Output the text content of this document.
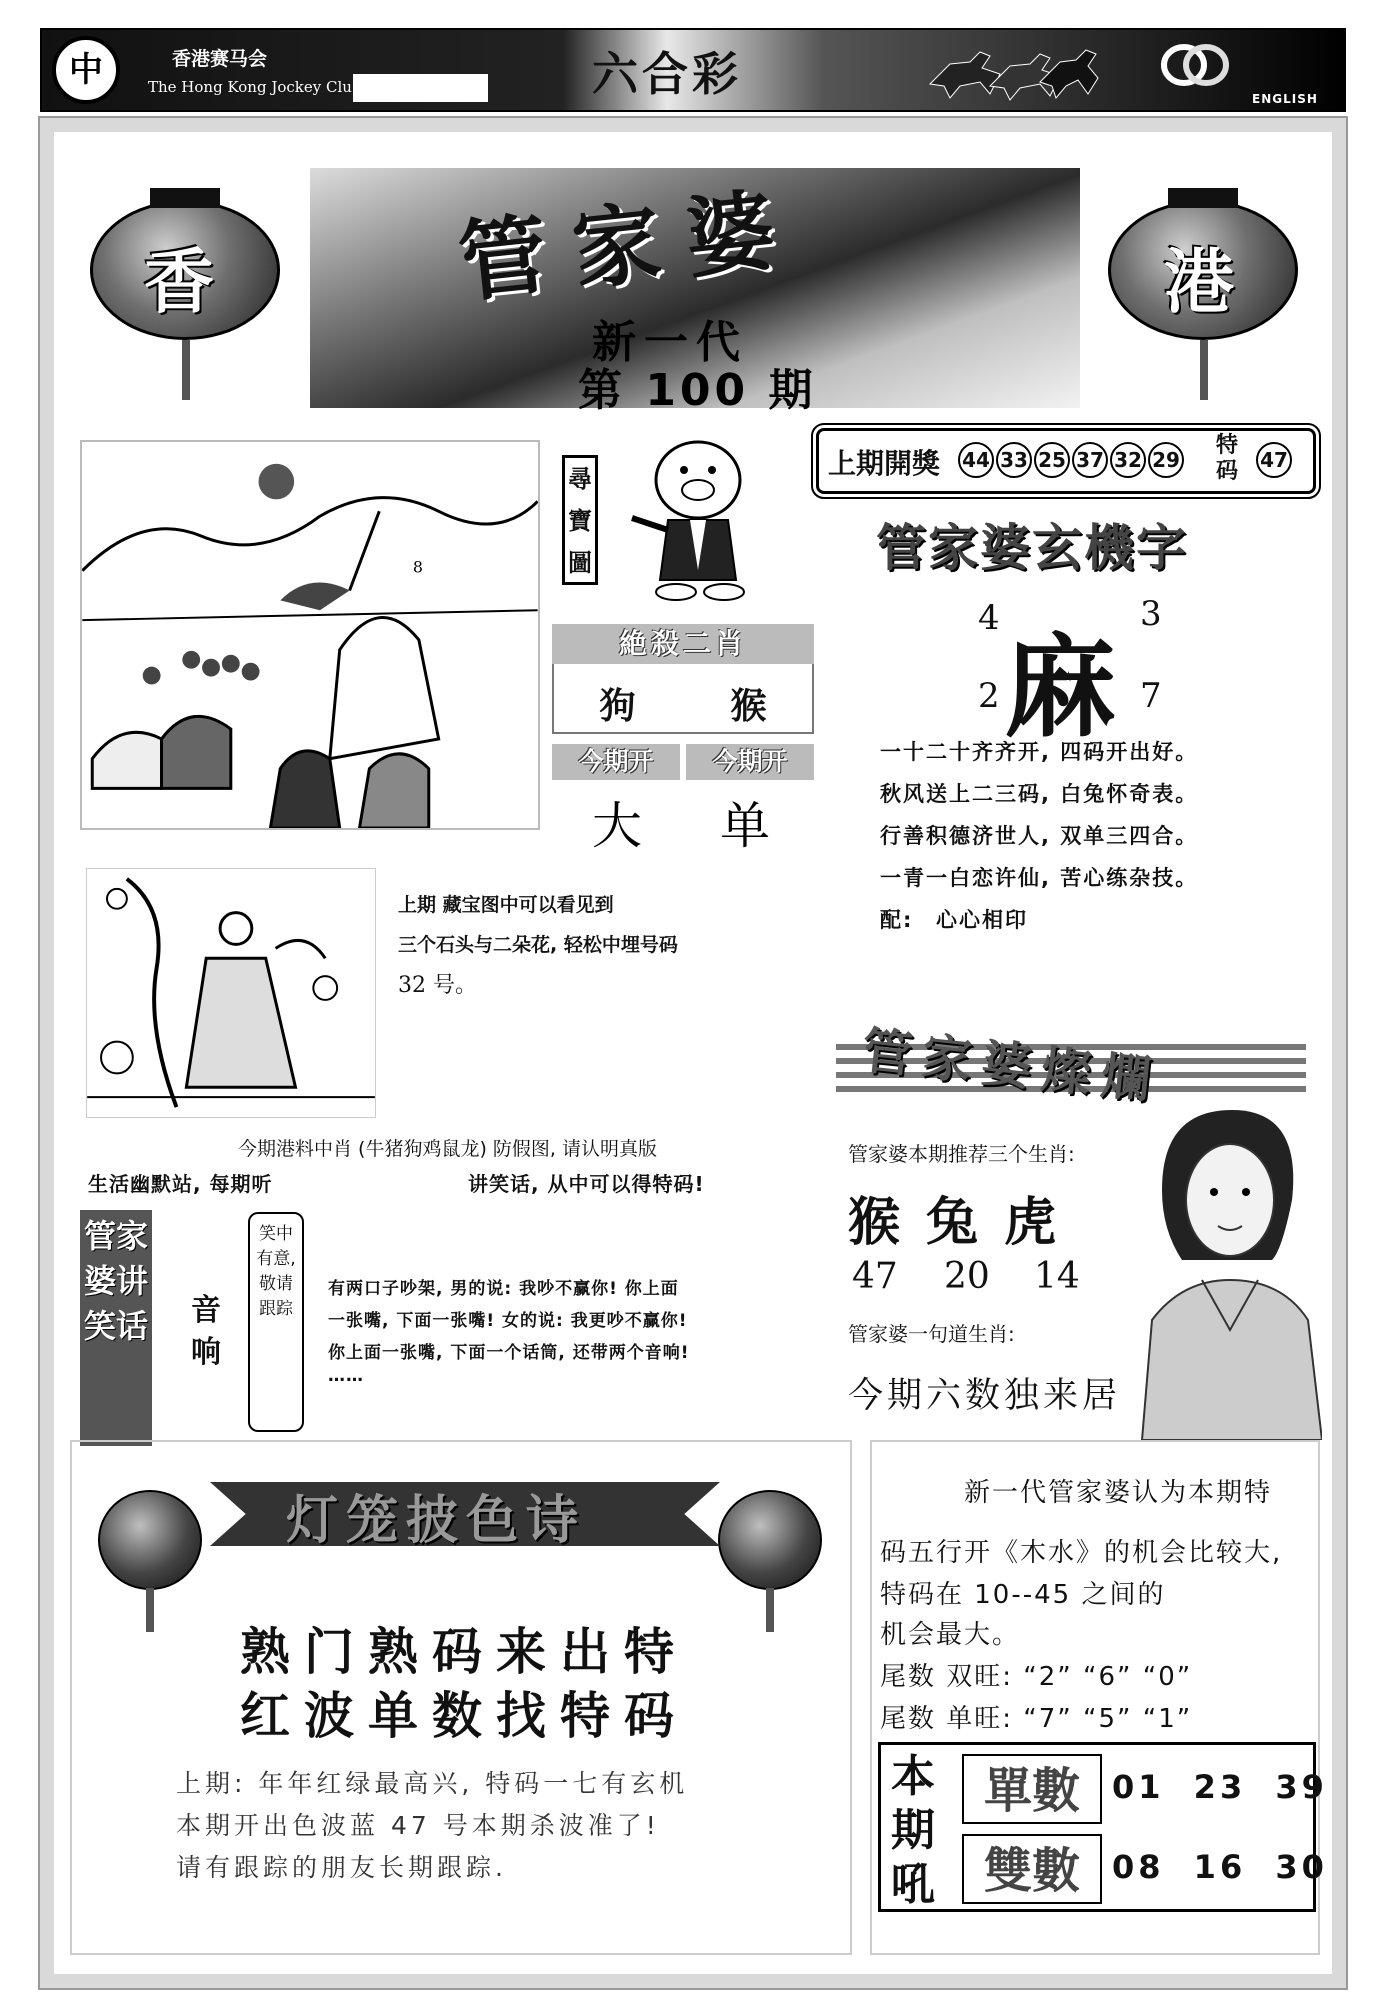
中	香港赛马会
The Hong Kong Jockey Clu	六合彩	ENGLISH
香	管家婆
新一代
第 100 期
港
8
尋寶圖
絶殺二肖
狗	猴
今期开	今期开
大 单
上期開獎 44 33 25 37 32 29
特码 47
管家婆玄機字
麻
4	3
2	7
一十二十齐齐开, 四码开出好。
秋风送上二三码, 白兔怀奇表。
行善积德济世人, 双单三四合。
一青一白恋许仙, 苦心练杂技。
配: 心心相印
上期 藏宝图中可以看见到
三个石头与二朵花, 轻松中埋号码
32 号。
今期港料中肖 (牛猪狗鸡鼠龙) 防假图, 请认明真版
生活幽默站, 每期听	讲笑话, 从中可以得特码!
管家婆讲笑话 音响
笑中有意,敬请跟踪
有两口子吵架, 男的说: 我吵不赢你! 你上面
一张嘴, 下面一张嘴! 女的说: 我更吵不赢你!
你上面一张嘴, 下面一个话筒, 还带两个音响!
……
管家婆燦爛
管家婆本期推荐三个生肖:
猴兔虎
47 20 14
管家婆一句道生肖:
今期六数独来居
灯笼披色诗
熟门熟码来出特
红波单数找特码
上期: 年年红绿最高兴, 特码一七有玄机
本期开出色波蓝 47 号本期杀波准了!
请有跟踪的朋友长期跟踪.
新一代管家婆认为本期特
码五行开《木水》的机会比较大,
特码在 10--45 之间的
机会最大。
尾数 双旺: “2” “6” “0”
尾数 单旺: “7” “5” “1”
本期吼
單數	01 23 39
雙數	08 16 30
